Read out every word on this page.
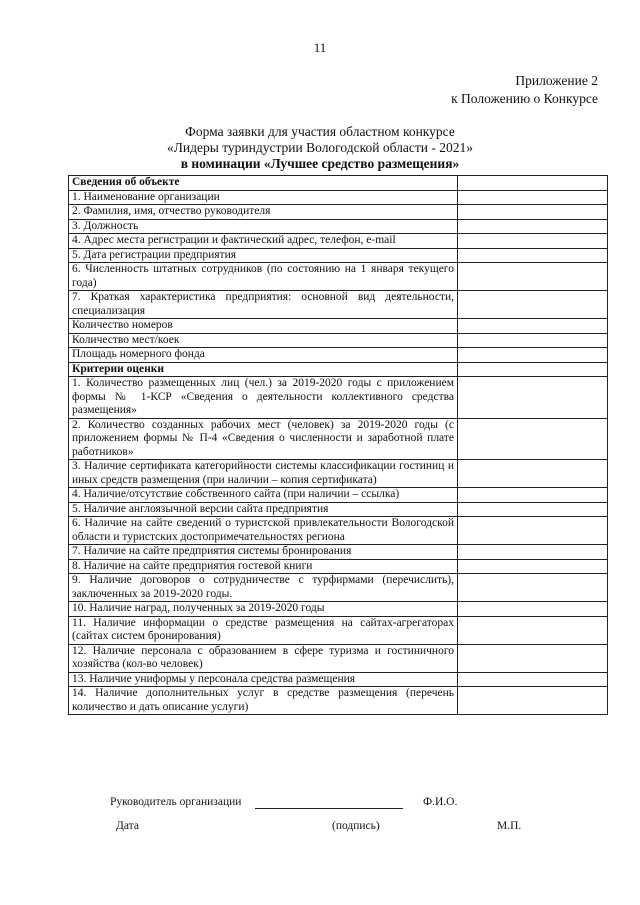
11
Приложение 2
к Положению о Конкурсе
Форма заявки для участия областном конкурсе
«Лидеры туриндустрии Вологодской области - 2021»
в номинации «Лучшее средство размещения»
Сведения об объекте	
1. Наименование организации	
2. Фамилия, имя, отчество руководителя	
3. Должность	
4. Адрес места регистрации и фактический адрес, телефон, e-mail	
5. Дата регистрации предприятия	
6. Численность штатных сотрудников (по состоянию на 1 января текущего года)	
7. Краткая характеристика предприятия: основной вид деятельности, специализация	
Количество номеров	
Количество мест/коек	
Площадь номерного фонда	
Критерии оценки	
1. Количество размещенных лиц (чел.) за 2019-2020 годы с приложением формы № 1-КСР «Сведения о деятельности коллективного средства размещения»	
2. Количество созданных рабочих мест (человек) за 2019-2020 годы (с приложением формы № П-4 «Сведения о численности и заработной плате работников»	
3. Наличие сертификата категорийности системы классификации гостиниц и иных средств размещения (при наличии – копия сертификата)	
4. Наличие/отсутствие собственного сайта (при наличии – ссылка)	
5. Наличие англоязычной версии сайта предприятия	
6. Наличие на сайте сведений о туристской привлекательности Вологодской области и туристских достопримечательностях региона	
7. Наличие на сайте предприятия системы бронирования	
8. Наличие на сайте предприятия гостевой книги	
9. Наличие договоров о сотрудничестве с турфирмами (перечислить), заключенных за 2019-2020 годы.	
10. Наличие наград, полученных за 2019-2020 годы	
11. Наличие информации о средстве размещения на сайтах-агрегаторах (сайтах систем бронирования)	
12. Наличие персонала с образованием в сфере туризма и гостиничного хозяйства (кол-во человек)	
13. Наличие униформы у персонала средства размещения	
14. Наличие дополнительных услуг в средстве размещения (перечень количество и дать описание услуги)	
Руководитель организации	Ф.И.О.
Дата	(подпись)	М.П.
